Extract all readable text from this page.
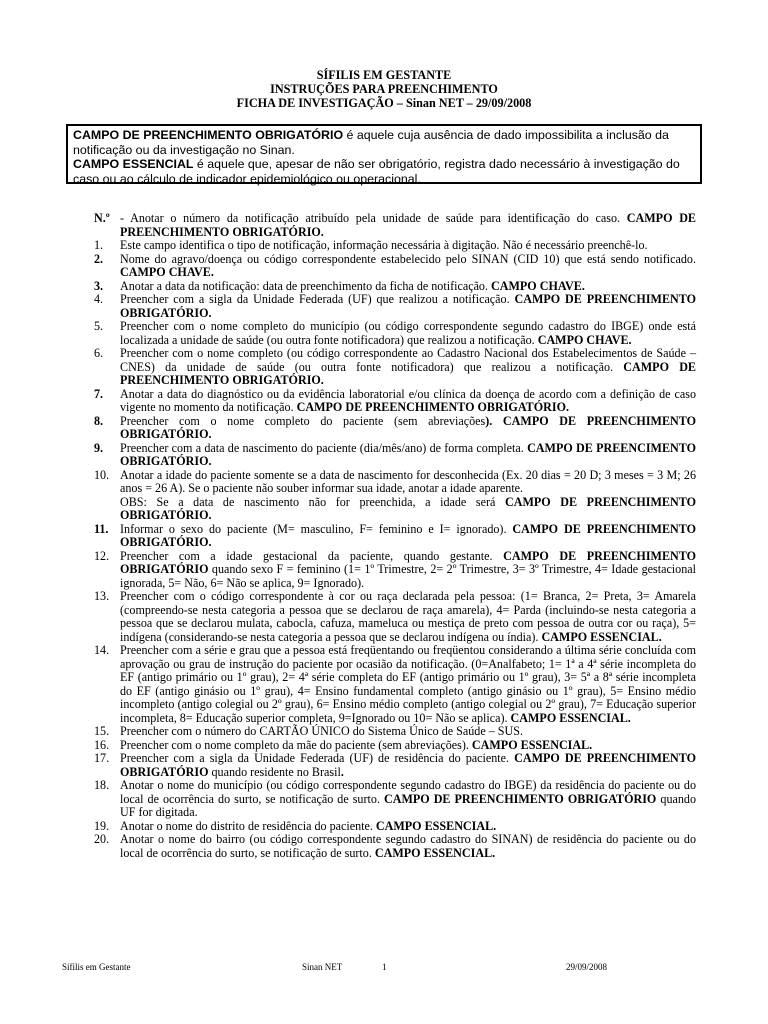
SÍFILIS EM GESTANTE
INSTRUÇÕES PARA PREENCHIMENTO
FICHA DE INVESTIGAÇÃO – Sinan NET – 29/09/2008
CAMPO DE PREENCHIMENTO OBRIGATÓRIO é aquele cuja ausência de dado impossibilita a inclusão da notificação ou da investigação no Sinan.
CAMPO ESSENCIAL é aquele que, apesar de não ser obrigatório, registra dado necessário à investigação do caso ou ao cálculo de indicador epidemiológico ou operacional.
N.º - Anotar o número da notificação atribuído pela unidade de saúde para identificação do caso. CAMPO DE PREENCHIMENTO OBRIGATÓRIO.
1. Este campo identifica o tipo de notificação, informação necessária à digitação. Não é necessário preenchê-lo.
2. Nome do agravo/doença ou código correspondente estabelecido pelo SINAN (CID 10) que está sendo notificado. CAMPO CHAVE.
3. Anotar a data da notificação: data de preenchimento da ficha de notificação. CAMPO CHAVE.
4. Preencher com a sigla da Unidade Federada (UF) que realizou a notificação. CAMPO DE PREENCHIMENTO OBRIGATÓRIO.
5. Preencher com o nome completo do município (ou código correspondente segundo cadastro do IBGE) onde está localizada a unidade de saúde (ou outra fonte notificadora) que realizou a notificação. CAMPO CHAVE.
6. Preencher com o nome completo (ou código correspondente ao Cadastro Nacional dos Estabelecimentos de Saúde – CNES) da unidade de saúde (ou outra fonte notificadora) que realizou a notificação. CAMPO DE PREENCHIMENTO OBRIGATÓRIO.
7. Anotar a data do diagnóstico ou da evidência laboratorial e/ou clínica da doença de acordo com a definição de caso vigente no momento da notificação. CAMPO DE PREENCHIMENTO OBRIGATÓRIO.
8. Preencher com o nome completo do paciente (sem abreviações). CAMPO DE PREENCHIMENTO OBRIGATÓRIO.
9. Preencher com a data de nascimento do paciente (dia/mês/ano) de forma completa. CAMPO DE PREENCIMENTO OBRIGATÓRIO.
10. Anotar a idade do paciente somente se a data de nascimento for desconhecida (Ex. 20 dias = 20 D; 3 meses = 3 M; 26 anos = 26 A). Se o paciente não souber informar sua idade, anotar a idade aparente.
OBS: Se a data de nascimento não for preenchida, a idade será CAMPO DE PREENCHIMENTO OBRIGATÓRIO.
11. Informar o sexo do paciente (M= masculino, F= feminino e I= ignorado). CAMPO DE PREENCHIMENTO OBRIGATÓRIO.
12. Preencher com a idade gestacional da paciente, quando gestante. CAMPO DE PREENCHIMENTO OBRIGATÓRIO quando sexo F = feminino (1= 1º Trimestre, 2= 2º Trimestre, 3= 3º Trimestre, 4= Idade gestacional ignorada, 5= Não, 6= Não se aplica, 9= Ignorado).
13. Preencher com o código correspondente à cor ou raça declarada pela pessoa: (1= Branca, 2= Preta, 3= Amarela (compreendo-se nesta categoria a pessoa que se declarou de raça amarela), 4= Parda (incluindo-se nesta categoria a pessoa que se declarou mulata, cabocla, cafuza, mameluca ou mestiça de preto com pessoa de outra cor ou raça), 5= indígena (considerando-se nesta categoria a pessoa que se declarou indígena ou índia). CAMPO ESSENCIAL.
14. Preencher com a série e grau que a pessoa está freqüentando ou freqüentou considerando a última série concluída com aprovação ou grau de instrução do paciente por ocasião da notificação. (0=Analfabeto; 1= 1ª a 4ª série incompleta do EF (antigo primário ou 1º grau), 2= 4ª série completa do EF (antigo primário ou 1º grau), 3= 5ª a 8ª série incompleta do EF (antigo ginásio ou 1º grau), 4= Ensino fundamental completo (antigo ginásio ou 1º grau), 5= Ensino médio incompleto (antigo colegial ou 2º grau), 6= Ensino médio completo (antigo colegial ou 2º grau), 7= Educação superior incompleta, 8= Educação superior completa, 9=Ignorado ou 10= Não se aplica). CAMPO ESSENCIAL.
15. Preencher com o número do CARTÃO ÚNICO do Sistema Único de Saúde – SUS.
16. Preencher com o nome completo da mãe do paciente (sem abreviações). CAMPO ESSENCIAL.
17. Preencher com a sigla da Unidade Federada (UF) de residência do paciente. CAMPO DE PREENCHIMENTO OBRIGATÓRIO quando residente no Brasil.
18. Anotar o nome do município (ou código correspondente segundo cadastro do IBGE) da residência do paciente ou do local de ocorrência do surto, se notificação de surto. CAMPO DE PREENCHIMENTO OBRIGATÓRIO quando UF for digitada.
19. Anotar o nome do distrito de residência do paciente. CAMPO ESSENCIAL.
20. Anotar o nome do bairro (ou código correspondente segundo cadastro do SINAN) de residência do paciente ou do local de ocorrência do surto, se notificação de surto. CAMPO ESSENCIAL.
Sífilis em Gestante	Sinan NET	1	29/09/2008
